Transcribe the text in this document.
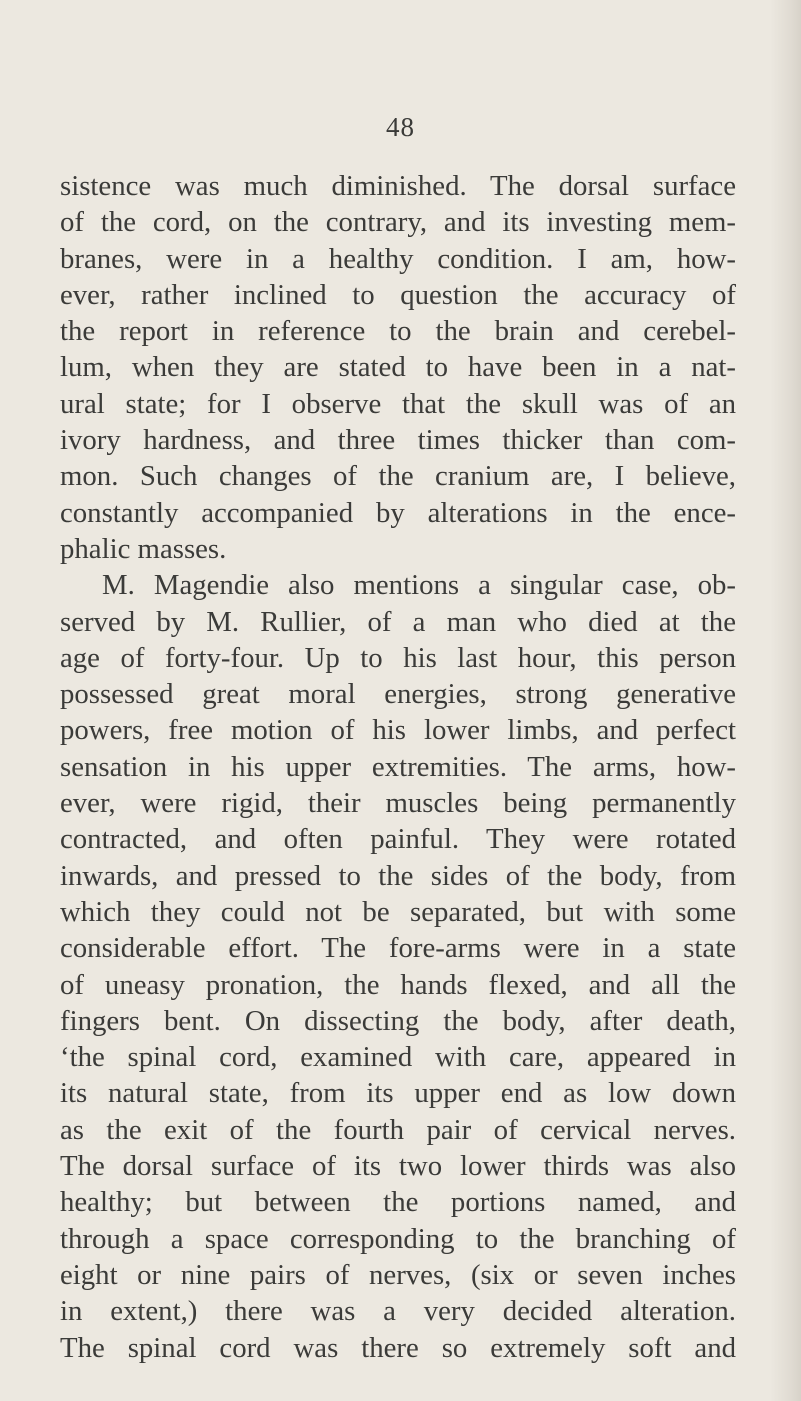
48
sistence was much diminished. The dorsal surface
of the cord, on the contrary, and its investing mem-
branes, were in a healthy condition. I am, how-
ever, rather inclined to question the accuracy of
the report in reference to the brain and cerebel-
lum, when they are stated to have been in a nat-
ural state; for I observe that the skull was of an
ivory hardness, and three times thicker than com-
mon. Such changes of the cranium are, I believe,
constantly accompanied by alterations in the ence-
phalic masses.
M. Magendie also mentions a singular case, ob-
served by M. Rullier, of a man who died at the
age of forty-four. Up to his last hour, this person
possessed great moral energies, strong generative
powers, free motion of his lower limbs, and perfect
sensation in his upper extremities. The arms, how-
ever, were rigid, their muscles being permanently
contracted, and often painful. They were rotated
inwards, and pressed to the sides of the body, from
which they could not be separated, but with some
considerable effort. The fore-arms were in a state
of uneasy pronation, the hands flexed, and all the
fingers bent. On dissecting the body, after death,
‘the spinal cord, examined with care, appeared in
its natural state, from its upper end as low down
as the exit of the fourth pair of cervical nerves.
The dorsal surface of its two lower thirds was also
healthy; but between the portions named, and
through a space corresponding to the branching of
eight or nine pairs of nerves, (six or seven inches
in extent,) there was a very decided alteration.
The spinal cord was there so extremely soft and
